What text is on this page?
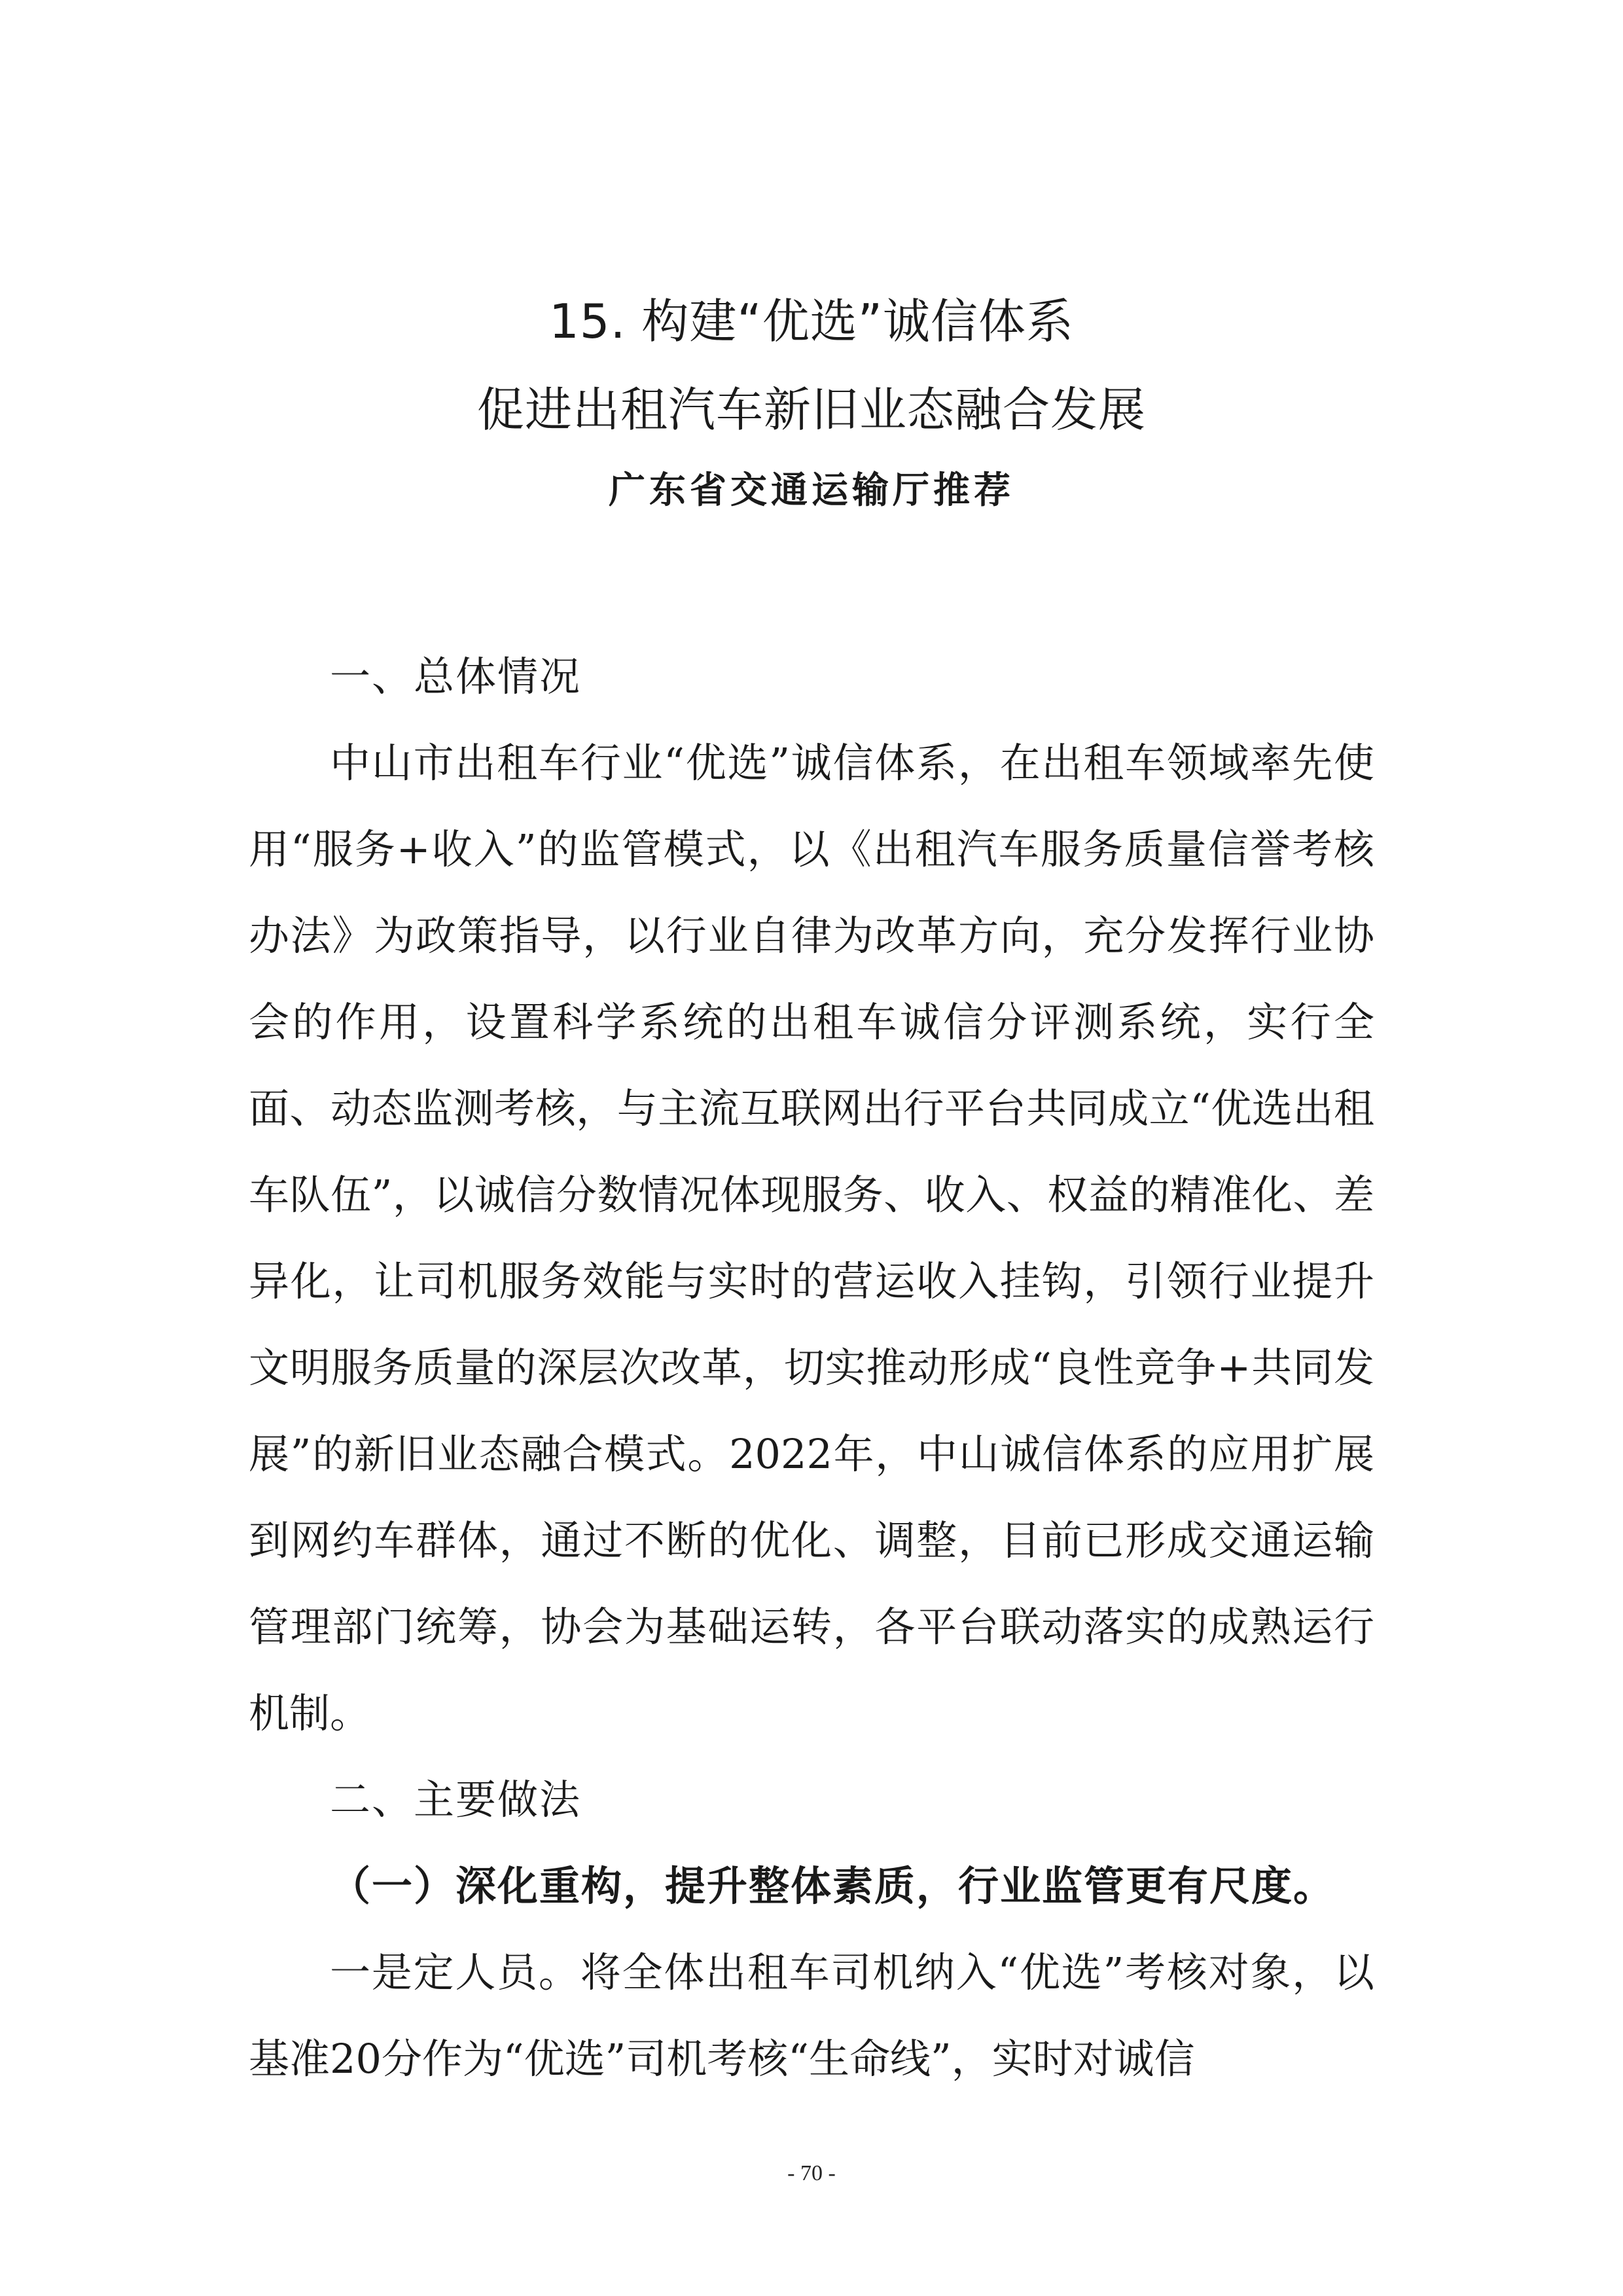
15. 构建“优选”诚信体系
促进出租汽车新旧业态融合发展
广东省交通运输厅推荐

一、总体情况

中山市出租车行业“优选”诚信体系，在出租车领域率先使用“服务+收入”的监管模式，以《出租汽车服务质量信誉考核办法》为政策指导，以行业自律为改革方向，充分发挥行业协会的作用，设置科学系统的出租车诚信分评测系统，实行全面、动态监测考核，与主流互联网出行平台共同成立“优选出租车队伍”，以诚信分数情况体现服务、收入、权益的精准化、差异化，让司机服务效能与实时的营运收入挂钩，引领行业提升文明服务质量的深层次改革，切实推动形成“良性竞争+共同发展”的新旧业态融合模式。2022年，中山诚信体系的应用扩展到网约车群体，通过不断的优化、调整，目前已形成交通运输管理部门统筹，协会为基础运转，各平台联动落实的成熟运行机制。

二、主要做法

（一）深化重构，提升整体素质，行业监管更有尺度。

一是定人员。将全体出租车司机纳入“优选”考核对象，以基准20分作为“优选”司机考核“生命线”，实时对诚信

- 70 -
